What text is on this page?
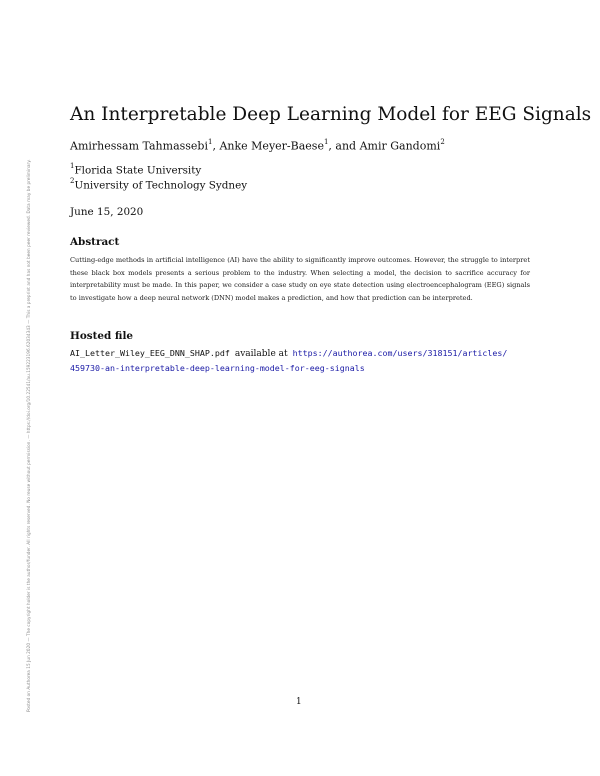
Posted on Authorea 15 Jun 2020 — The copyright holder is the author/funder. All rights reserved. No reuse without permission. — https://doi.org/10.22541/au.159223196.62034343 — This a preprint and has not been peer reviewed. Data may be preliminary.
An Interpretable Deep Learning Model for EEG Signals
Amirhessam Tahmassebi$^1$, Anke Meyer-Baese$^1$, and Amir Gandomi$^2$
$^1$Florida State University
$^2$University of Technology Sydney
June 15, 2020
Abstract

Cutting-edge methods in artificial intelligence (AI) have the ability to significantly improve outcomes. However, the struggle to interpret these black box models presents a serious problem to the industry. When selecting a model, the decision to sacrifice accuracy for interpretability must be made. In this paper, we consider a case study on eye state detection using electroencephalogram (EEG) signals to investigate how a deep neural network (DNN) model makes a prediction, and how that prediction can be interpreted.

Hosted file
AI_Letter_Wiley_EEG_DNN_SHAP.pdf available at https://authorea.com/users/318151/articles/
459730-an-interpretable-deep-learning-model-for-eeg-signals
1
